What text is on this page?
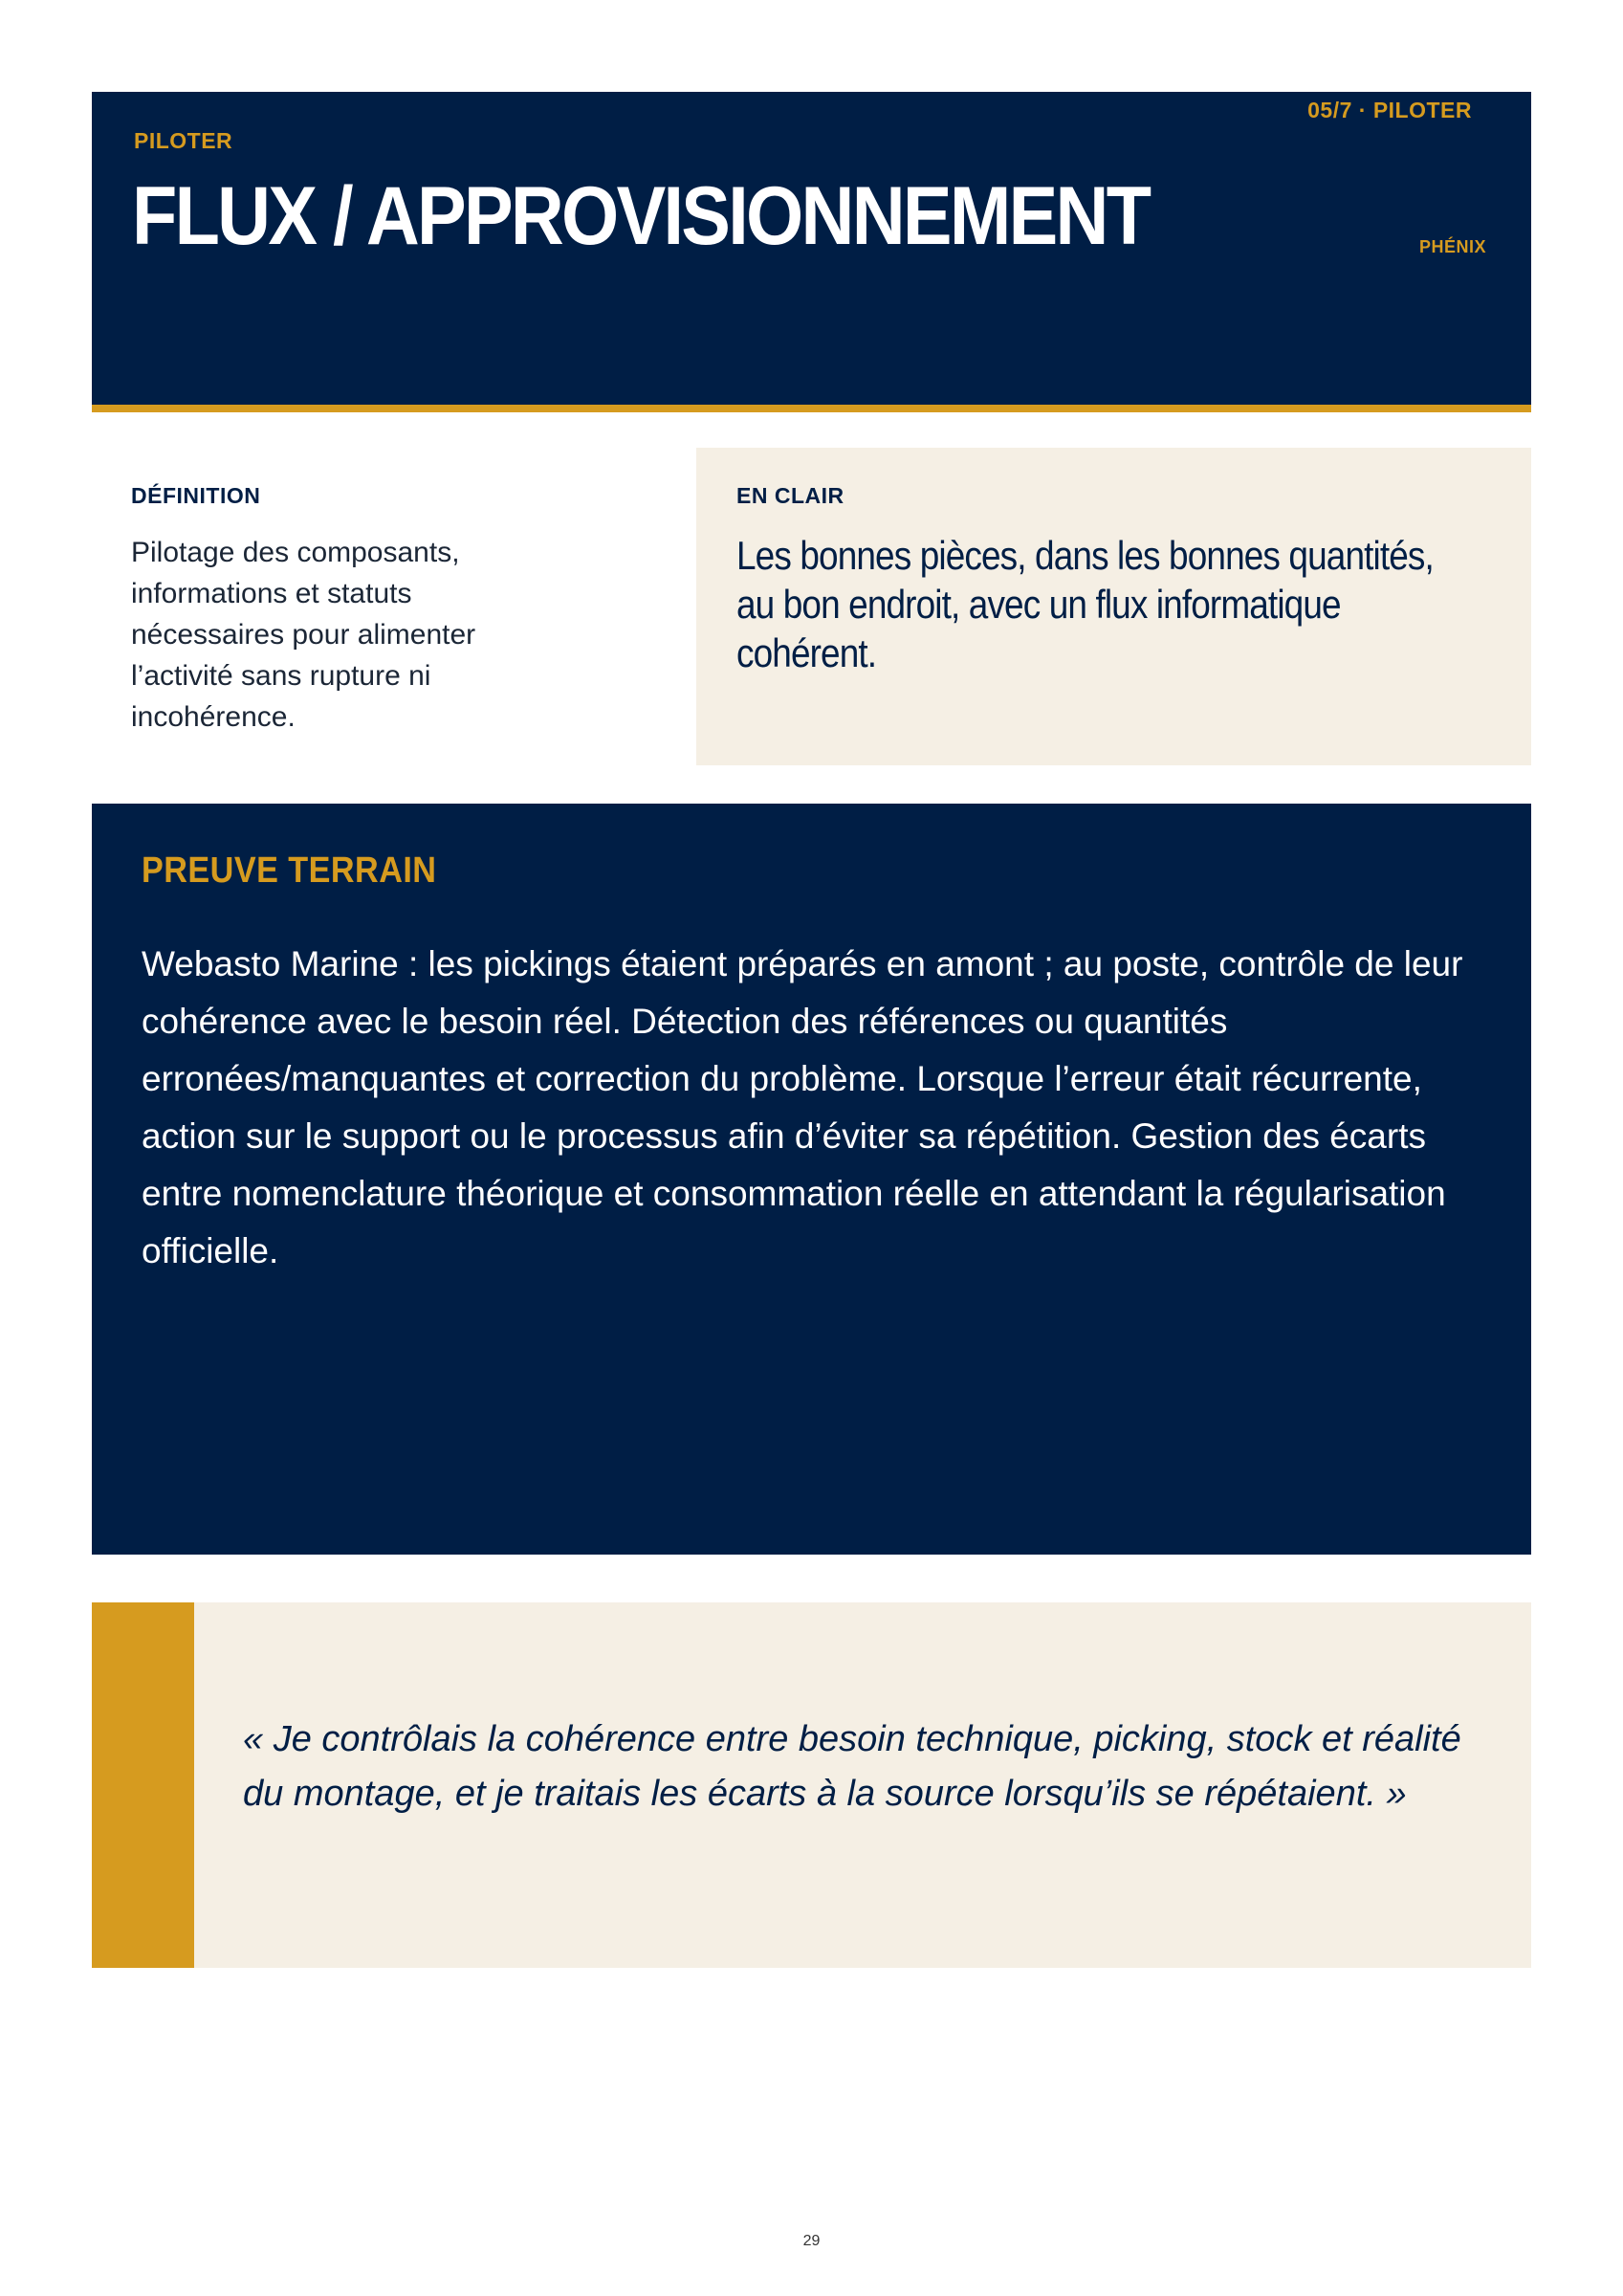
PILOTER
05/7 · PILOTER
FLUX / APPROVISIONNEMENT	PHÉNIX
DÉFINITION
Pilotage des composants, informations et statuts nécessaires pour alimenter l’activité sans rupture ni incohérence.
EN CLAIR
Les bonnes pièces, dans les bonnes quantités, au bon endroit, avec un flux informatique cohérent.
PREUVE TERRAIN
Webasto Marine : les pickings étaient préparés en amont ; au poste, contrôle de leur cohérence avec le besoin réel. Détection des références ou quantités erronées/manquantes et correction du problème. Lorsque l’erreur était récurrente, action sur le support ou le processus afin d’éviter sa répétition. Gestion des écarts entre nomenclature théorique et consommation réelle en attendant la régularisation officielle.
« Je contrôlais la cohérence entre besoin technique, picking, stock et réalité du montage, et je traitais les écarts à la source lorsqu’ils se répétaient. »
29
